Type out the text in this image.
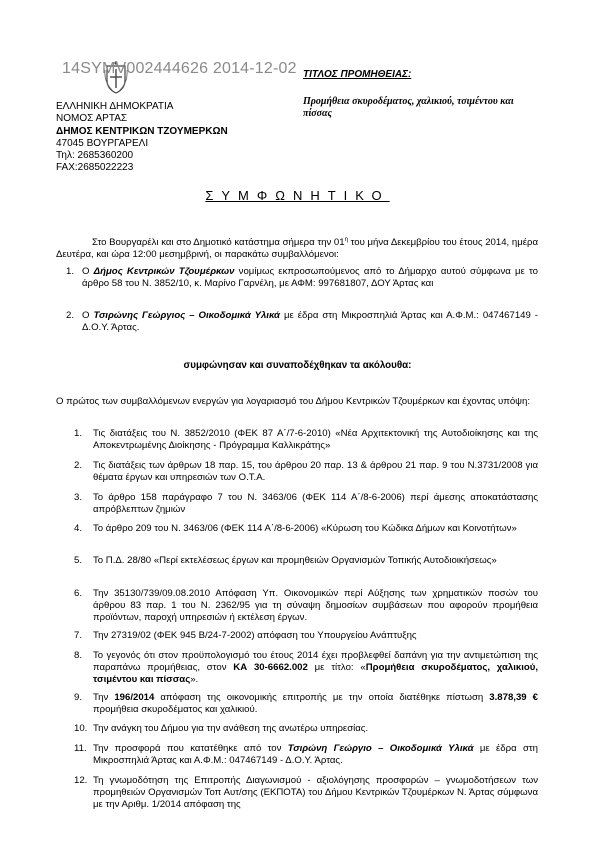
14SYMV002444626 2014-12-02
ΕΛΛΗΝΙΚΗ ΔΗΜΟΚΡΑΤΙΑ
ΝΟΜΟΣ ΑΡΤΑΣ
ΔΗΜΟΣ ΚΕΝΤΡΙΚΩΝ ΤΖΟΥΜΕΡΚΩΝ
47045 ΒΟΥΡΓΑΡΕΛΙ
Τηλ: 2685360200
FAX:2685022223
ΤΙΤΛΟΣ ΠΡΟΜΗΘΕΙΑΣ:
Προμήθεια σκυροδέματος, χαλικιού, τσιμέντου και πίσσας
ΣΥΜΦΩΝΗΤΙΚΟ
Στο Βουργαρέλι και στο Δημοτικό κατάστημα σήμερα την $01^\eta$ του μήνα Δεκεμβρίου του έτους 2014, ημέρα Δευτέρα, και ώρα 12:00 μεσημβρινή, οι παρακάτω συμβαλλόμενοι:
1. Ο Δήμος Κεντρικών Τζουμέρκων νομίμως εκπροσωπούμενος από το Δήμαρχο αυτού σύμφωνα με το άρθρο 58 του Ν. 3852/10, κ. Μαρίνο Γαρνέλη, με ΑΦΜ: 997681807, ΔΟΥ Άρτας και
2. Ο Τσιρώνης Γεώργιος – Οικοδομικά Υλικά με έδρα στη Μικροσπηλιά Άρτας και Α.Φ.Μ.: 047467149 - Δ.Ο.Υ. Άρτας.
συμφώνησαν και συναποδέχθηκαν τα ακόλουθα:
Ο πρώτος των συμβαλλόμενων ενεργών για λογαριασμό του Δήμου Κεντρικών Τζουμέρκων και έχοντας υπόψη:
1. Τις διατάξεις του Ν. 3852/2010 (ΦΕΚ 87 Α΄/7-6-2010) «Νέα Αρχιτεκτονική της Αυτοδιοίκησης και της Αποκεντρωμένης Διοίκησης - Πρόγραμμα Καλλικράτης»
2. Τις διατάξεις των άρθρων 18 παρ. 15, του άρθρου 20 παρ. 13 & άρθρου 21 παρ. 9 του Ν.3731/2008 για θέματα έργων και υπηρεσιών των Ο.Τ.Α.
3. Το άρθρο 158 παράγραφο 7 του Ν. 3463/06 (ΦΕΚ 114 Α΄/8-6-2006) περί άμεσης αποκατάστασης απρόβλεπτων ζημιών
4. Το άρθρο 209 του Ν. 3463/06 (ΦΕΚ 114 Α΄/8-6-2006) «Κύρωση του Κώδικα Δήμων και Κοινοτήτων»
5. Το Π.Δ. 28/80 «Περί εκτελέσεως έργων και προμηθειών Οργανισμών Τοπικής Αυτοδιοικήσεως»
6. Την 35130/739/09.08.2010 Απόφαση Υπ. Οικονομικών περί Αύξησης των χρηματικών ποσών του άρθρου 83 παρ. 1 του Ν. 2362/95 για τη σύναψη δημοσίων συμβάσεων που αφορούν προμήθεια προϊόντων, παροχή υπηρεσιών ή εκτέλεση έργων.
7. Την 27319/02 (ΦΕΚ 945 Β/24-7-2002) απόφαση του Υπουργείου Ανάπτυξης
8. Το γεγονός ότι στον προϋπολογισμό του έτους 2014 έχει προβλεφθεί δαπάνη για την αντιμετώπιση της παραπάνω προμήθειας, στον ΚΑ 30-6662.002 με τίτλο: «Προμήθεια σκυροδέματος, χαλικιού, τσιμέντου και πίσσας».
9. Την 196/2014 απόφαση της οικονομικής επιτροπής με την οποία διατέθηκε πίστωση 3.878,39 € προμήθεια σκυροδέματος και χαλικιού.
10. Την ανάγκη του Δήμου για την ανάθεση της ανωτέρω υπηρεσίας.
11. Την προσφορά που κατατέθηκε από τον Τσιρώνη Γεώργιο – Οικοδομικά Υλικά με έδρα στη Μικροσπηλιά Άρτας και Α.Φ.Μ.: 047467149 - Δ.Ο.Υ. Άρτας.
12. Τη γνωμοδότηση της Επιτροπής Διαγωνισμού - αξιολόγησης προσφορών – γνωμοδοτήσεων των προμηθειών Οργανισμών Τοπ Αυτ/σης (ΕΚΠΟΤΑ) του Δήμου Κεντρικών Τζουμέρκων Ν. Άρτας σύμφωνα με την Αριθμ. 1/2014 απόφαση της
